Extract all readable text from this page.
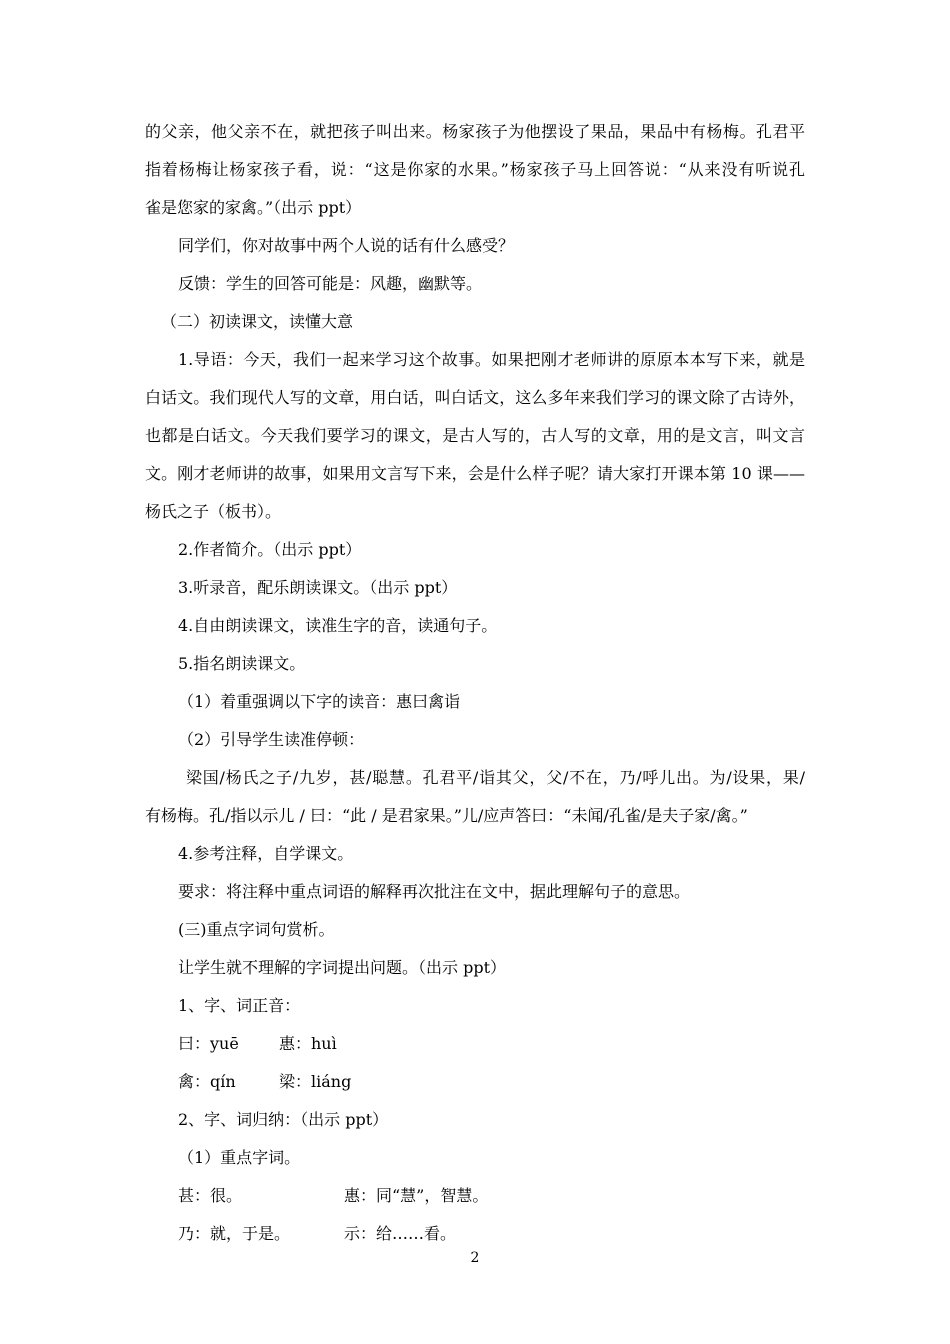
的父亲，他父亲不在，就把孩子叫出来。杨家孩子为他摆设了果品，果品中有杨梅。孔君平
指着杨梅让杨家孩子看，说：“这是你家的水果。”杨家孩子马上回答说：“从来没有听说孔
雀是您家的家禽。”（出示 ppt）
同学们，你对故事中两个人说的话有什么感受？
反馈：学生的回答可能是：风趣，幽默等。
（二）初读课文，读懂大意
1.导语：今天，我们一起来学习这个故事。如果把刚才老师讲的原原本本写下来，就是
白话文。我们现代人写的文章，用白话，叫白话文，这么多年来我们学习的课文除了古诗外，
也都是白话文。今天我们要学习的课文，是古人写的，古人写的文章，用的是文言，叫文言
文。刚才老师讲的故事，如果用文言写下来，会是什么样子呢？请大家打开课本第 10 课——
杨氏之子（板书）。
2.作者简介。（出示 ppt）
3.听录音，配乐朗读课文。（出示 ppt）
4.自由朗读课文，读准生字的音，读通句子。
5.指名朗读课文。
（1）着重强调以下字的读音：惠曰禽诣
（2）引导学生读准停顿：
梁国/杨氏之子/九岁，甚/聪慧。孔君平/诣其父，父/不在，乃/呼儿出。为/设果，果/
有杨梅。孔/指以示儿 / 曰：“此 / 是君家果。”儿/应声答曰：“未闻/孔雀/是夫子家/禽。”
4.参考注释，自学课文。
要求：将注释中重点词语的解释再次批注在文中，据此理解句子的意思。
(三)重点字词句赏析。
让学生就不理解的字词提出问题。（出示 ppt）
1、字、词正音：
曰：yuē	惠：huì
禽：qín	梁：liáng
2、字、词归纳：（出示 ppt）
（1）重点字词。
甚：很。	惠：同“慧”，智慧。
乃：就，于是。	示：给……看。
2
